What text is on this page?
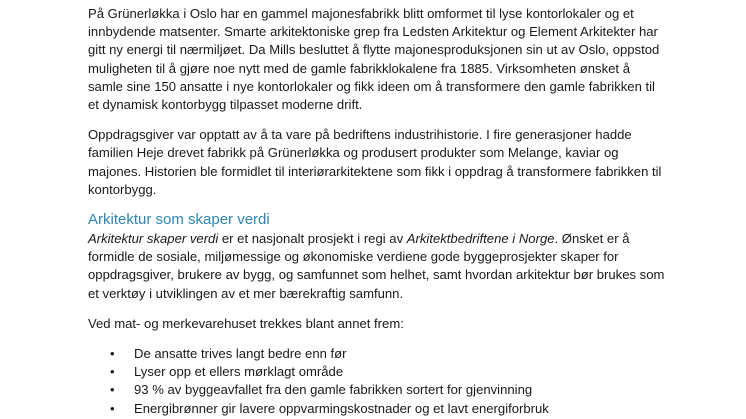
På Grünerløkka i Oslo har en gammel majonesfabrikk blitt omformet til lyse kontorlokaler og et innbydende matsenter. Smarte arkitektoniske grep fra Ledsten Arkitektur og Element Arkitekter har gitt ny energi til nærmiljøet. Da Mills besluttet å flytte majonesproduksjonen sin ut av Oslo, oppstod muligheten til å gjøre noe nytt med de gamle fabrikklokalene fra 1885. Virksomheten ønsket å samle sine 150 ansatte i nye kontorlokaler og fikk ideen om å transformere den gamle fabrikken til et dynamisk kontorbygg tilpasset moderne drift.

Oppdragsgiver var opptatt av å ta vare på bedriftens industrihistorie. I fire generasjoner hadde familien Heje drevet fabrikk på Grünerløkka og produsert produkter som Melange, kaviar og majones. Historien ble formidlet til interiørarkitektene som fikk i oppdrag å transformere fabrikken til kontorbygg.

Arkitektur som skaper verdi

Arkitektur skaper verdi er et nasjonalt prosjekt i regi av Arkitektbedriftene i Norge. Ønsket er å formidle de sosiale, miljømessige og økonomiske verdiene gode byggeprosjekter skaper for oppdragsgiver, brukere av bygg, og samfunnet som helhet, samt hvordan arkitektur bør brukes som et verktøy i utviklingen av et mer bærekraftig samfunn.

Ved mat- og merkevarehuset trekkes blant annet frem:

• De ansatte trives langt bedre enn før
• Lyser opp et ellers mørklagt område
• 93 % av byggeavfallet fra den gamle fabrikken sortert for gjenvinning
• Energibrønner gir lavere oppvarmingskostnader og et lavt energiforbruk
